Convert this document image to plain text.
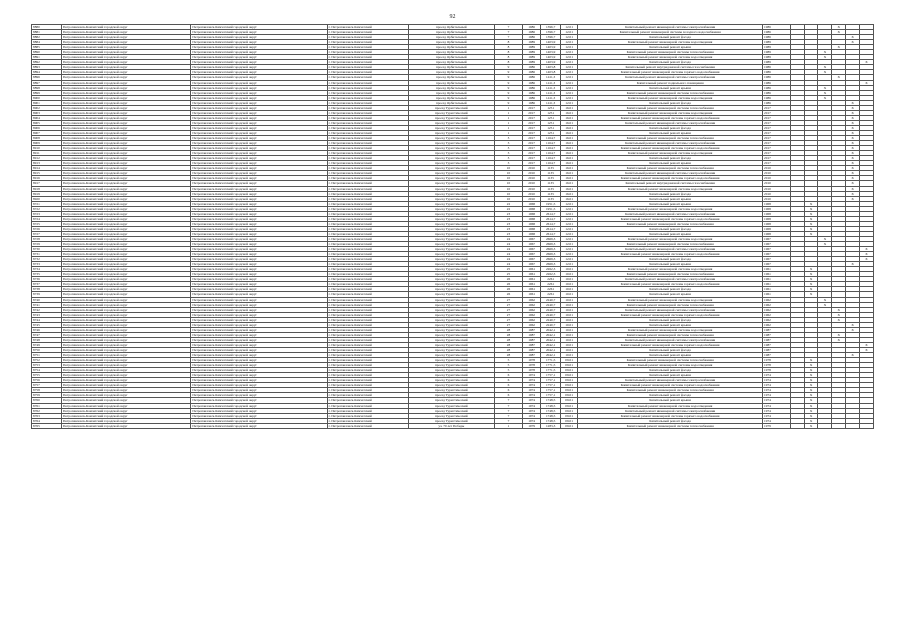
92
8880	Петропавловск-Камчатский городской округ	Петропавловск-Камчатский городской округ	г. Петропавловск-Камчатский	проезд Орбитальный	7	1986	1396,7	12.01	Капитальный ремонт инженерной системы электроснабжения	1986				X		
8881	Петропавловск-Камчатский городской округ	Петропавловск-Камчатский городской округ	г. Петропавловск-Камчатский	проезд Орбитальный	7	1986	1396,7	12.01	Капитальный ремонт инженерной системы холодного водоснабжения	1986				X		
8882	Петропавловск-Камчатский городской округ	Петропавловск-Камчатский городской округ	г. Петропавловск-Камчатский	проезд Орбитальный	7	1986	1396,7	12.01	Капитальный ремонт фасада	1986					X	
8884	Петропавловск-Камчатский городской округ	Петропавловск-Камчатский городской округ	г. Петропавловск-Камчатский	проезд Орбитальный	8	1989	1403,9	12.01	Капитальный ремонт инженерной системы водоотведения	1989					X	
8885	Петропавловск-Камчатский городской округ	Петропавловск-Камчатский городской округ	г. Петропавловск-Камчатский	проезд Орбитальный	8	1989	1403,9	12.01	Капитальный ремонт крыши	1989				X		
8890	Петропавловск-Камчатский городской округ	Петропавловск-Камчатский городской округ	г. Петропавловск-Камчатский	проезд Орбитальный	8	1989	1403,9	12.01	Капитальный ремонт инженерной системы теплоснабжения	1989			X			
8891	Петропавловск-Камчатский городской округ	Петропавловск-Камчатский городской округ	г. Петропавловск-Камчатский	проезд Орбитальный	8	1989	1403,9	12.01	Капитальный ремонт инженерной системы водоотведения	1989			X			
8892	Петропавловск-Камчатский городской округ	Петропавловск-Камчатский городской округ	г. Петропавловск-Камчатский	проезд Орбитальный	8	1989	1403,9	12.01	Капитальный ремонт фасада	1989						X
8893	Петропавловск-Камчатский городской округ	Петропавловск-Камчатский городской округ	г. Петропавловск-Камчатский	проезд Орбитальный	9	1986	1403,8	12.01	Капитальный ремонт внутридомовой системы газоснабжения	1986			X			
8894	Петропавловск-Камчатский городской округ	Петропавловск-Камчатский городской округ	г. Петропавловск-Камчатский	проезд Орбитальный	9	1986	1403,8	12.01	Капитальный ремонт инженерной системы горячего водоснабжения	1986			X			
8896	Петропавловск-Камчатский городской округ	Петропавловск-Камчатский городской округ	г. Петропавловск-Камчатский	проезд Орбитальный	9	1986	1411,3	12.01	Капитальный ремонт инженерной системы электроснабжения	1986				X		
8897	Петропавловск-Камчатский городской округ	Петропавловск-Камчатский городской округ	г. Петропавловск-Камчатский	проезд Орбитальный	9	1986	1411,3	12.01	Капитальный ремонт подвального помещения	1986						X
8898	Петропавловск-Камчатский городской округ	Петропавловск-Камчатский городской округ	г. Петропавловск-Камчатский	проезд Орбитальный	9	1986	1411,3	12.01	Капитальный ремонт крыши	1986			X			
8899	Петропавловск-Камчатский городской округ	Петропавловск-Камчатский городской округ	г. Петропавловск-Камчатский	проезд Орбитальный	9	1986	1411,3	12.01	Капитальный ремонт инженерной системы теплоснабжения	1986			X			
8900	Петропавловск-Камчатский городской округ	Петропавловск-Камчатский городской округ	г. Петропавловск-Камчатский	проезд Орбитальный	9	1986	1411,3	12.01	Капитальный ремонт инженерной системы водоотведения	1986			X			
8901	Петропавловск-Камчатский городской округ	Петропавловск-Камчатский городской округ	г. Петропавловск-Камчатский	проезд Орбитальный	9	1986	1411,3	12.01	Капитальный ремонт фасада	1986					X	
8902	Петропавловск-Камчатский городской округ	Петропавловск-Камчатский городской округ	г. Петропавловск-Камчатский	проезд Туристический	1	2017	1251	16.01	Капитальный ремонт инженерной системы теплоснабжения	2017					X	
8903	Петропавловск-Камчатский городской округ	Петропавловск-Камчатский городской округ	г. Петропавловск-Камчатский	проезд Туристический	1	2017	1251	16.01	Капитальный ремонт инженерной системы водоотведения	2017					X	
8904	Петропавловск-Камчатский городской округ	Петропавловск-Камчатский городской округ	г. Петропавловск-Камчатский	проезд Туристический	1	2017	1251	16.01	Капитальный ремонт инженерной системы горячего водоснабжения	2017					X	
8905	Петропавловск-Камчатский городской округ	Петропавловск-Камчатский городской округ	г. Петропавловск-Камчатский	проезд Туристический	1	2017	1251	16.01	Капитальный ремонт инженерной системы электроснабжения	2017					X	
8906	Петропавловск-Камчатский городской округ	Петропавловск-Камчатский городской округ	г. Петропавловск-Камчатский	проезд Туристический	1	2017	1251	16.01	Капитальный ремонт фасада	2017					X	
8907	Петропавловск-Камчатский городской округ	Петропавловск-Камчатский городской округ	г. Петропавловск-Камчатский	проезд Туристический	1	2017	1251	16.01	Капитальный ремонт крыши	2017					X	
8908	Петропавловск-Камчатский городской округ	Петропавловск-Камчатский городской округ	г. Петропавловск-Камчатский	проезд Туристический	3	2017	1164,7	16.01	Капитальный ремонт инженерной системы теплоснабжения	2017					X	
8909	Петропавловск-Камчатский городской округ	Петропавловск-Камчатский городской округ	г. Петропавловск-Камчатский	проезд Туристический	3	2017	1164,7	16.01	Капитальный ремонт инженерной системы электроснабжения	2017					X	
8910	Петропавловск-Камчатский городской округ	Петропавловск-Камчатский городской округ	г. Петропавловск-Камчатский	проезд Туристический	3	2017	1164,7	16.01	Капитальный ремонт инженерной системы горячего водоснабжения	2017					X	
8911	Петропавловск-Камчатский городской округ	Петропавловск-Камчатский городской округ	г. Петропавловск-Камчатский	проезд Туристический	3	2017	1164,7	16.01	Капитальный ремонт инженерной системы водоотведения	2017					X	
8912	Петропавловск-Камчатский городской округ	Петропавловск-Камчатский городской округ	г. Петропавловск-Камчатский	проезд Туристический	3	2017	1164,7	16.01	Капитальный ремонт фасада	2017					X	
8913	Петропавловск-Камчатский городской округ	Петропавловск-Камчатский городской округ	г. Петропавловск-Камчатский	проезд Туристический	3	2017	1164,7	16.01	Капитальный ремонт крыши	2017					X	
8914	Петропавловск-Камчатский городской округ	Петропавловск-Камчатский городской округ	г. Петропавловск-Камчатский	проезд Туристический	10	2010	1135	16.01	Капитальный ремонт инженерной системы теплоснабжения	2010					X	
8915	Петропавловск-Камчатский городской округ	Петропавловск-Камчатский городской округ	г. Петропавловск-Камчатский	проезд Туристический	10	2010	1135	16.01	Капитальный ремонт инженерной системы электроснабжения	2010					X	
8916	Петропавловск-Камчатский городской округ	Петропавловск-Камчатский городской округ	г. Петропавловск-Камчатский	проезд Туристический	10	2010	1135	16.01	Капитальный ремонт инженерной системы горячего водоснабжения	2010					X	
8917	Петропавловск-Камчатский городской округ	Петропавловск-Камчатский городской округ	г. Петропавловск-Камчатский	проезд Туристический	10	2010	1135	16.01	Капитальный ремонт внутридомовой системы газоснабжения	2010					X	
8918	Петропавловск-Камчатский городской округ	Петропавловск-Камчатский городской округ	г. Петропавловск-Камчатский	проезд Туристический	10	2010	1135	16.01	Капитальный ремонт инженерной системы водоотведения	2010					X	
8919	Петропавловск-Камчатский городской округ	Петропавловск-Камчатский городской округ	г. Петропавловск-Камчатский	проезд Туристический	10	2010	1135	16.01	Капитальный ремонт фасада	2010					X	
8920	Петропавловск-Камчатский городской округ	Петропавловск-Камчатский городской округ	г. Петропавловск-Камчатский	проезд Туристический	10	2010	1135	16.01	Капитальный ремонт крыши	2010					X	
8721	Петропавловск-Камчатский городской округ	Петропавловск-Камчатский городской округ	г. Петропавловск-Камчатский	проезд Туристический	22	1968	1951,5	12.01	Капитальный ремонт крыши	1968		X				
8722	Петропавловск-Камчатский городской округ	Петропавловск-Камчатский городской округ	г. Петропавловск-Камчатский	проезд Туристический	22	1968	1951,5	12.01	Капитальный ремонт инженерной системы водоотведения	1968		X				
8723	Петропавловск-Камчатский городской округ	Петропавловск-Камчатский городской округ	г. Петропавловск-Камчатский	проезд Туристический	23	1968	2614,7	12.01	Капитальный ремонт инженерной системы электроснабжения	1968		X				
8724	Петропавловск-Камчатский городской округ	Петропавловск-Камчатский городской округ	г. Петропавловск-Камчатский	проезд Туристический	23	1968	2614,7	12.01	Капитальный ремонт инженерной системы горячего водоснабжения	1968		X				
8725	Петропавловск-Камчатский городской округ	Петропавловск-Камчатский городской округ	г. Петропавловск-Камчатский	проезд Туристический	23	1968	2614,7	12.01	Капитальный ремонт инженерной системы теплоснабжения	1968		X				
8726	Петропавловск-Камчатский городской округ	Петропавловск-Камчатский городской округ	г. Петропавловск-Камчатский	проезд Туристический	23	1968	2614,7	12.01	Капитальный ремонт фасада	1968		X				
8727	Петропавловск-Камчатский городской округ	Петропавловск-Камчатский городской округ	г. Петропавловск-Камчатский	проезд Туристический	23	1968	2614,7	12.01	Капитальный ремонт крыши	1968		X				
8728	Петропавловск-Камчатский городской округ	Петропавловск-Камчатский городской округ	г. Петропавловск-Камчатский	проезд Туристический	24	1967	2669,3	12.01	Капитальный ремонт инженерной системы водоотведения	1967			X			
8729	Петропавловск-Камчатский городской округ	Петропавловск-Камчатский городской округ	г. Петропавловск-Камчатский	проезд Туристический	24	1967	2669,3	12.01	Капитальный ремонт инженерной системы теплоснабжения	1967			X			
8730	Петропавловск-Камчатский городской округ	Петропавловск-Камчатский городской округ	г. Петропавловск-Камчатский	проезд Туристический	24	1967	2669,3	12.01	Капитальный ремонт инженерной системы электроснабжения	1967						X
8731	Петропавловск-Камчатский городской округ	Петропавловск-Камчатский городской округ	г. Петропавловск-Камчатский	проезд Туристический	24	1967	2669,3	12.01	Капитальный ремонт инженерной системы горячего водоснабжения	1967						X
8732	Петропавловск-Камчатский городской округ	Петропавловск-Камчатский городской округ	г. Петропавловск-Камчатский	проезд Туристический	24	1967	2669,3	12.01	Капитальный ремонт фасада	1967						X
8733	Петропавловск-Камчатский городской округ	Петропавловск-Камчатский городской округ	г. Петропавловск-Камчатский	проезд Туристический	24	1967	2669,3	12.01	Капитальный ремонт крыши	1967					X	
8734	Петропавловск-Камчатский городской округ	Петропавловск-Камчатский городской округ	г. Петропавловск-Камчатский	проезд Туристический	25	1961	2262,3	10.01	Капитальный ремонт инженерной системы водоотведения	1961		X				
8735	Петропавловск-Камчатский городской округ	Петропавловск-Камчатский городской округ	г. Петропавловск-Камчатский	проезд Туристический	25	1961	2262,3	10.01	Капитальный ремонт инженерной системы теплоснабжения	1961		X				
8736	Петропавловск-Камчатский городской округ	Петропавловск-Камчатский городской округ	г. Петропавловск-Камчатский	проезд Туристический	26	1961	2261	10.01	Капитальный ремонт инженерной системы электроснабжения	1961		X				
8737	Петропавловск-Камчатский городской округ	Петропавловск-Камчатский городской округ	г. Петропавловск-Камчатский	проезд Туристический	26	1961	2261	10.01	Капитальный ремонт инженерной системы горячего водоснабжения	1961		X				
8738	Петропавловск-Камчатский городской округ	Петропавловск-Камчатский городской округ	г. Петропавловск-Камчатский	проезд Туристический	26	1961	2261	10.01	Капитальный ремонт фасада	1961		X				
8739	Петропавловск-Камчатский городской округ	Петропавловск-Камчатский городской округ	г. Петропавловск-Камчатский	проезд Туристический	26	1961	2261	10.01	Капитальный ремонт крыши	1961		X				
8740	Петропавловск-Камчатский городской округ	Петропавловск-Камчатский городской округ	г. Петропавловск-Камчатский	проезд Туристический	27	1962	2240,7	10.01	Капитальный ремонт инженерной системы водоотведения	1962			X			
8741	Петропавловск-Камчатский городской округ	Петропавловск-Камчатский городской округ	г. Петропавловск-Камчатский	проезд Туристический	27	1962	2240,7	10.01	Капитальный ремонт инженерной системы теплоснабжения	1962			X			
8742	Петропавловск-Камчатский городской округ	Петропавловск-Камчатский городской округ	г. Петропавловск-Камчатский	проезд Туристический	27	1962	2240,7	10.01	Капитальный ремонт инженерной системы электроснабжения	1962				X		
8743	Петропавловск-Камчатский городской округ	Петропавловск-Камчатский городской округ	г. Петропавловск-Камчатский	проезд Туристический	27	1962	2240,7	10.01	Капитальный ремонт инженерной системы горячего водоснабжения	1962				X		
8744	Петропавловск-Камчатский городской округ	Петропавловск-Камчатский городской округ	г. Петропавловск-Камчатский	проезд Туристический	27	1962	2240,7	10.01	Капитальный ремонт фасада	1962				X		
8745	Петропавловск-Камчатский городской округ	Петропавловск-Камчатский городской округ	г. Петропавловск-Камчатский	проезд Туристический	27	1962	2240,7	10.01	Капитальный ремонт крыши	1962					X	
8746	Петропавловск-Камчатский городской округ	Петропавловск-Камчатский городской округ	г. Петропавловск-Камчатский	проезд Туристический	28	1987	2042,1	10.01	Капитальный ремонт инженерной системы водоотведения	1987					X	
8747	Петропавловск-Камчатский городской округ	Петропавловск-Камчатский городской округ	г. Петропавловск-Камчатский	проезд Туристический	28	1987	2042,1	10.01	Капитальный ремонт инженерной системы теплоснабжения	1987				X		
8748	Петропавловск-Камчатский городской округ	Петропавловск-Камчатский городской округ	г. Петропавловск-Камчатский	проезд Туристический	28	1987	2042,1	10.01	Капитальный ремонт инженерной системы электроснабжения	1987				X		
8749	Петропавловск-Камчатский городской округ	Петропавловск-Камчатский городской округ	г. Петропавловск-Камчатский	проезд Туристический	28	1987	2042,1	10.01	Капитальный ремонт инженерной системы горячего водоснабжения	1987						X
8750	Петропавловск-Камчатский городской округ	Петропавловск-Камчатский городской округ	г. Петропавловск-Камчатский	проезд Туристический	28	1987	2042,1	10.01	Капитальный ремонт фасада	1987						X
8751	Петропавловск-Камчатский городской округ	Петропавловск-Камчатский городской округ	г. Петропавловск-Камчатский	проезд Туристический	28	1987	2042,1	10.01	Капитальный ремонт крыши	1987					X	
8752	Петропавловск-Камчатский городской округ	Петропавловск-Камчатский городской округ	г. Петропавловск-Камчатский	проезд Туристический	5	1978	1771,5	09.01	Капитальный ремонт инженерной системы теплоснабжения	1978		X				
8753	Петропавловск-Камчатский городской округ	Петропавловск-Камчатский городской округ	г. Петропавловск-Камчатский	проезд Туристический	5	1978	1771,5	09.01	Капитальный ремонт инженерной системы водоотведения	1978		X				
8754	Петропавловск-Камчатский городской округ	Петропавловск-Камчатский городской округ	г. Петропавловск-Камчатский	проезд Туристический	5	1978	1771,5	09.01	Капитальный ремонт фасада	1978		X				
8755	Петропавловск-Камчатский городской округ	Петропавловск-Камчатский городской округ	г. Петропавловск-Камчатский	проезд Туристический	6	1974	1757,1	09.01	Капитальный ремонт крыши	1974		X				
8756	Петропавловск-Камчатский городской округ	Петропавловск-Камчатский городской округ	г. Петропавловск-Камчатский	проезд Туристический	6	1974	1757,1	09.01	Капитальный ремонт инженерной системы электроснабжения	1974		X				
8757	Петропавловск-Камчатский городской округ	Петропавловск-Камчатский городской округ	г. Петропавловск-Камчатский	проезд Туристический	6	1974	1757,1	09.01	Капитальный ремонт инженерной системы горячего водоснабжения	1974		X				
8758	Петропавловск-Камчатский городской округ	Петропавловск-Камчатский городской округ	г. Петропавловск-Камчатский	проезд Туристический	6	1974	1757,1	09.01	Капитальный ремонт инженерной системы теплоснабжения	1974		X				
8759	Петропавловск-Камчатский городской округ	Петропавловск-Камчатский городской округ	г. Петропавловск-Камчатский	проезд Туристический	6	1974	1757,1	09.01	Капитальный ремонт фасада	1974		X				
8760	Петропавловск-Камчатский городской округ	Петропавловск-Камчатский городской округ	г. Петропавловск-Камчатский	проезд Туристический	7	1974	1748,5	09.01	Капитальный ремонт крыши	1974		X				
8761	Петропавловск-Камчатский городской округ	Петропавловск-Камчатский городской округ	г. Петропавловск-Камчатский	проезд Туристический	7	1974	1748,5	09.01	Капитальный ремонт инженерной системы водоотведения	1974		X				
8762	Петропавловск-Камчатский городской округ	Петропавловск-Камчатский городской округ	г. Петропавловск-Камчатский	проезд Туристический	7	1974	1748,5	09.01	Капитальный ремонт инженерной системы электроснабжения	1974		X				
8763	Петропавловск-Камчатский городской округ	Петропавловск-Камчатский городской округ	г. Петропавловск-Камчатский	проезд Туристический	7	1974	1748,5	09.01	Капитальный ремонт инженерной системы горячего водоснабжения	1974		X				
8764	Петропавловск-Камчатский городской округ	Петропавловск-Камчатский городской округ	г. Петропавловск-Камчатский	проезд Туристический	7	1974	1748,5	09.01	Капитальный ремонт фасада	1974		X				
8765	Петропавловск-Камчатский городской округ	Петропавловск-Камчатский городской округ	г. Петропавловск-Камчатский	ул. 70 лет Победы	1	1979	1283,3	09.01	Капитальный ремонт инженерной системы теплоснабжения	1979		X				
